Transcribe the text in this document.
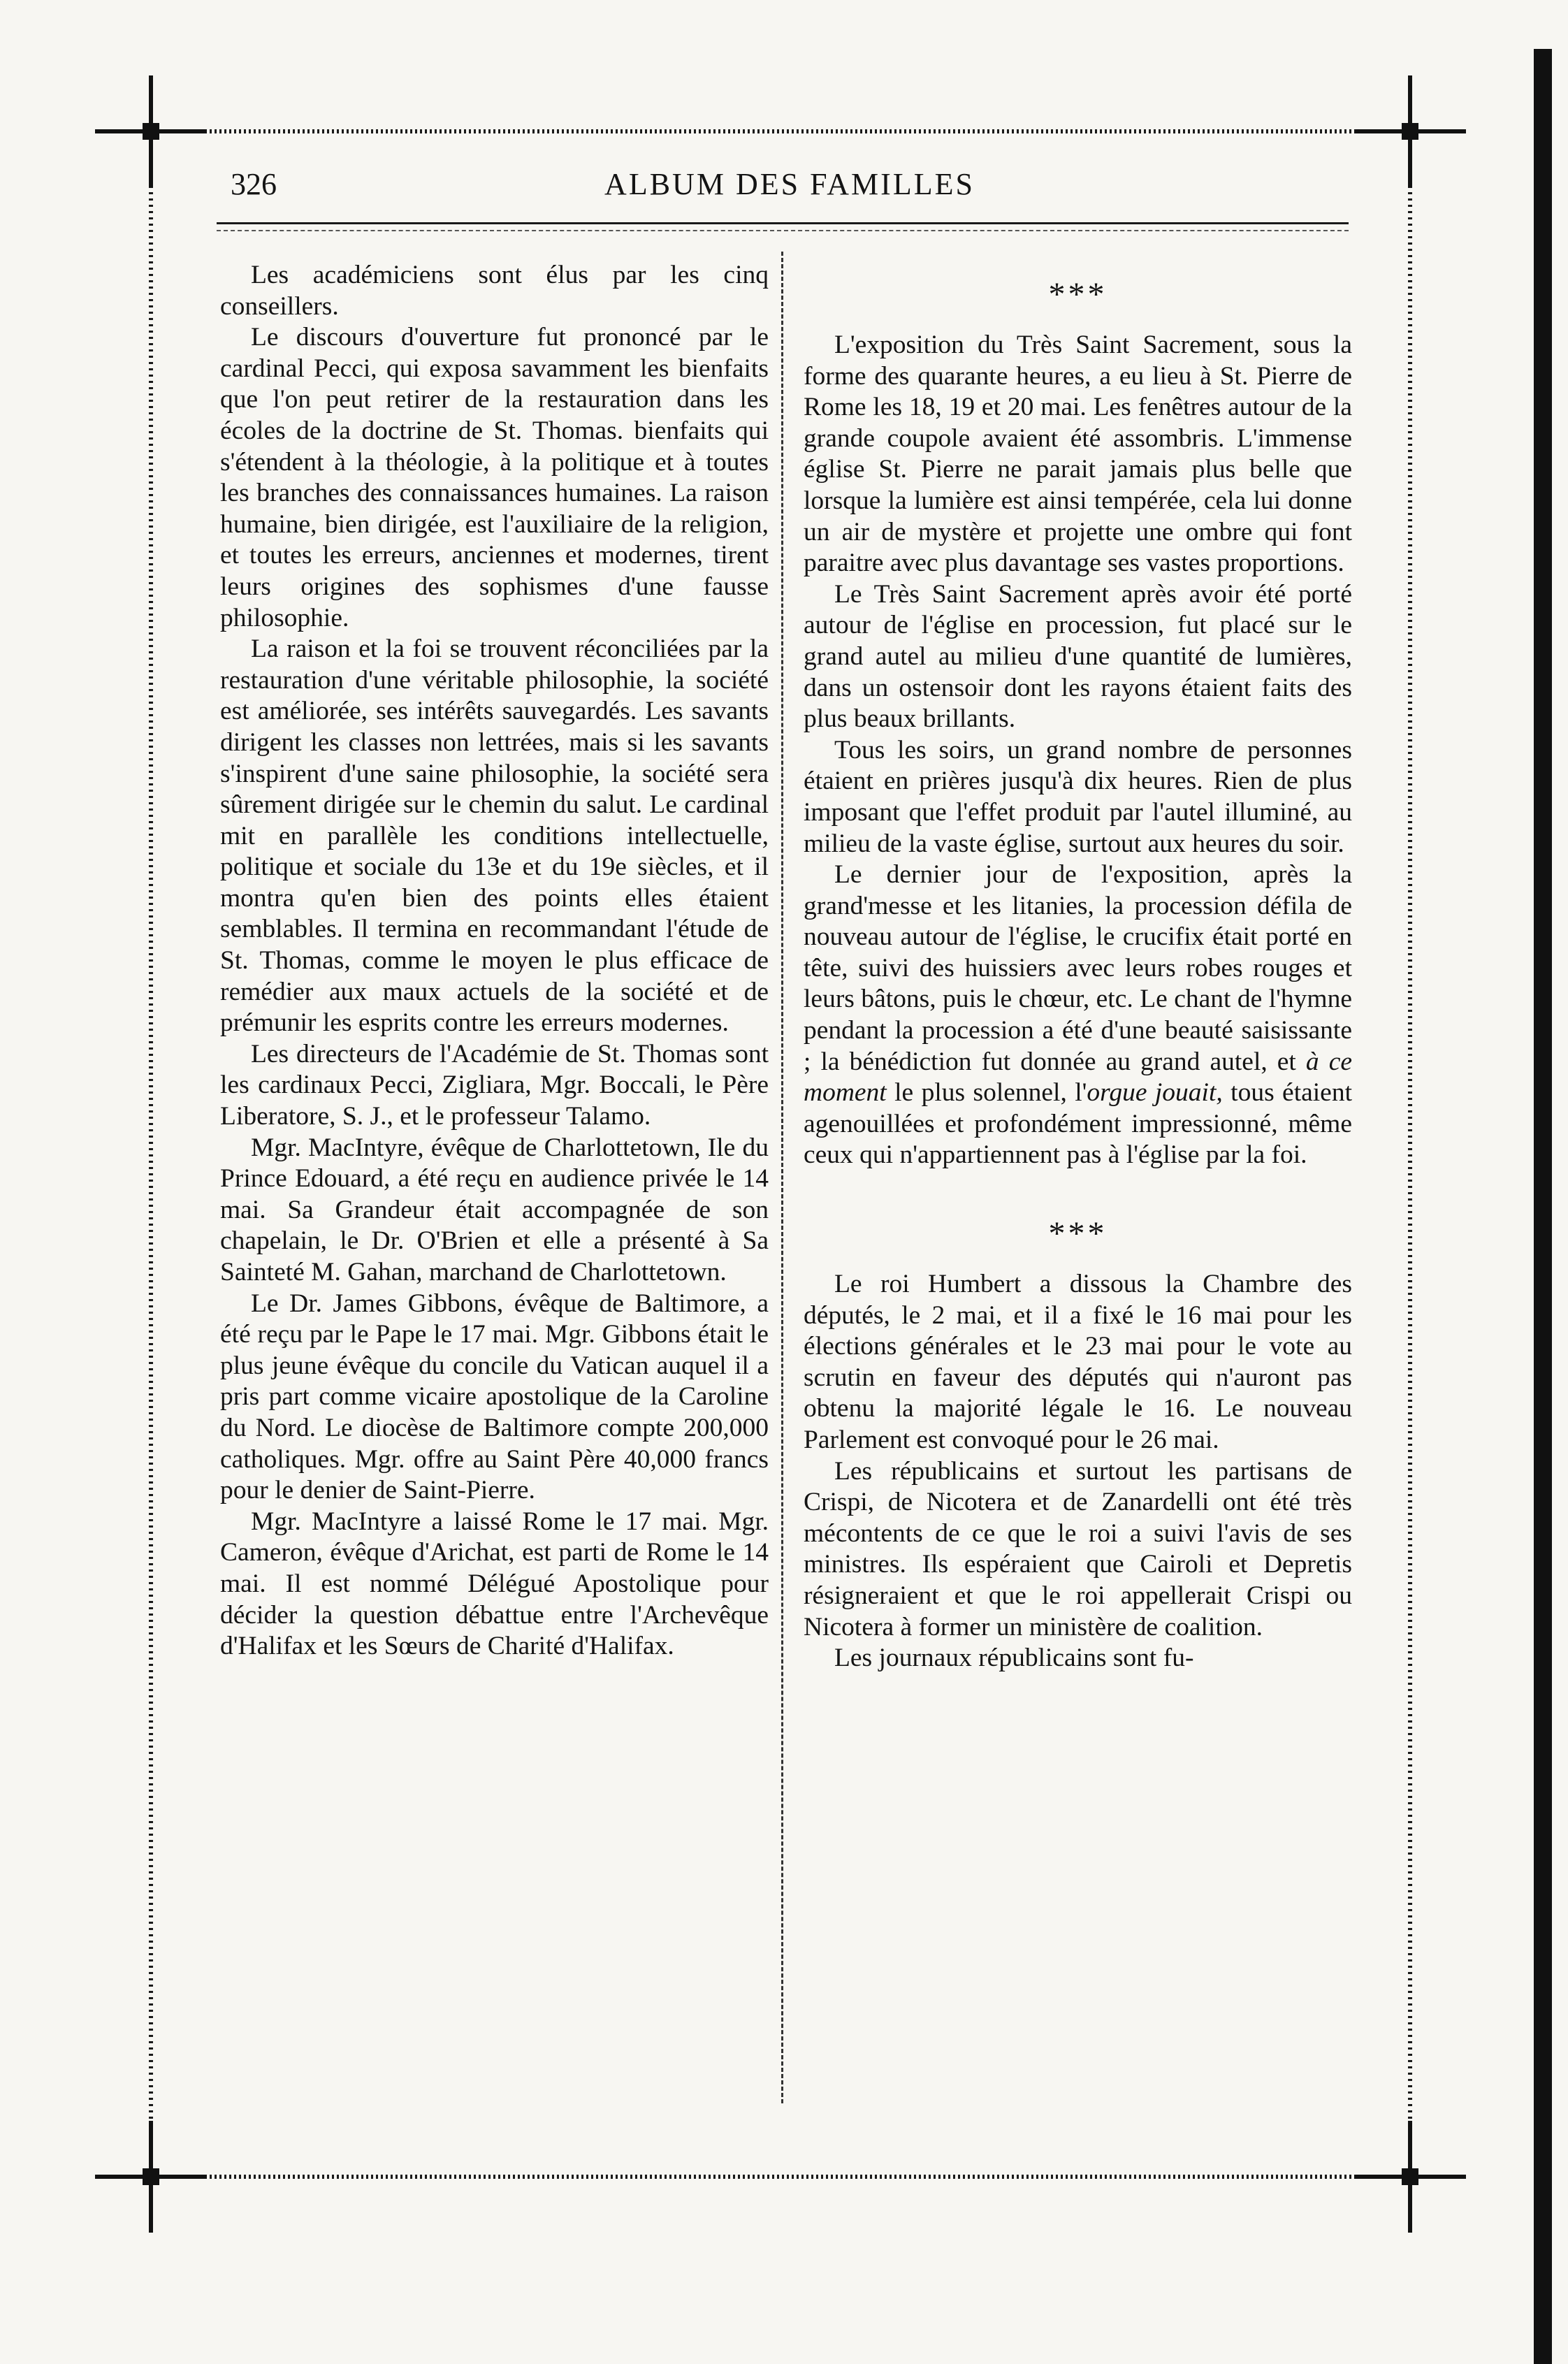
ALBUM DES FAMILLES
326

Les académiciens sont élus par les cinq conseillers.

Le discours d'ouverture fut prononcé par le cardinal Pecci, qui exposa savamment les bienfaits que l'on peut retirer de la restauration dans les écoles de la doctrine de St. Thomas. bienfaits qui s'étendent à la théologie, à la politique et à toutes les branches des connaissances humaines. La raison humaine, bien dirigée, est l'auxiliaire de la religion, et toutes les erreurs, anciennes et modernes, tirent leurs origines des sophismes d'une fausse philosophie.

La raison et la foi se trouvent réconciliées par la restauration d'une véritable philosophie, la société est améliorée, ses intérêts sauvegardés. Les savants dirigent les classes non lettrées, mais si les savants s'inspirent d'une saine philosophie, la société sera sûrement dirigée sur le chemin du salut. Le cardinal mit en parallèle les conditions intellectuelle, politique et sociale du 13e et du 19e siècles, et il montra qu'en bien des points elles étaient semblables. Il termina en recommandant l'étude de St. Thomas, comme le moyen le plus efficace de remédier aux maux actuels de la société et de prémunir les esprits contre les erreurs modernes.

Les directeurs de l'Académie de St. Thomas sont les cardinaux Pecci, Zigliara, Mgr. Boccali, le Père Liberatore, S. J., et le professeur Talamo.

Mgr. MacIntyre, évêque de Charlottetown, Ile du Prince Edouard, a été reçu en audience privée le 14 mai. Sa Grandeur était accompagnée de son chapelain, le Dr. O'Brien et elle a présenté à Sa Sainteté M. Gahan, marchand de Charlottetown.

Le Dr. James Gibbons, évêque de Baltimore, a été reçu par le Pape le 17 mai. Mgr. Gibbons était le plus jeune évêque du concile du Vatican auquel il a pris part comme vicaire apostolique de la Caroline du Nord. Le diocèse de Baltimore compte 200,000 catholiques. Mgr. offre au Saint Père 40,000 francs pour le denier de Saint-Pierre.

Mgr. MacIntyre a laissé Rome le 17 mai. Mgr. Cameron, évêque d'Arichat, est parti de Rome le 14 mai. Il est nommé Délégué Apostolique pour décider la question débattue entre l'Archevêque d'Halifax et les Sœurs de Charité d'Halifax.

***

L'exposition du Très Saint Sacrement, sous la forme des quarante heures, a eu lieu à St. Pierre de Rome les 18, 19 et 20 mai. Les fenêtres autour de la grande coupole avaient été assombris. L'immense église St. Pierre ne parait jamais plus belle que lorsque la lumière est ainsi tempérée, cela lui donne un air de mystère et projette une ombre qui font paraitre avec plus davantage ses vastes proportions.

Le Très Saint Sacrement après avoir été porté autour de l'église en procession, fut placé sur le grand autel au milieu d'une quantité de lumières, dans un ostensoir dont les rayons étaient faits des plus beaux brillants.

Tous les soirs, un grand nombre de personnes étaient en prières jusqu'à dix heures. Rien de plus imposant que l'effet produit par l'autel illuminé, au milieu de la vaste église, surtout aux heures du soir.

Le dernier jour de l'exposition, après la grand'messe et les litanies, la procession défila de nouveau autour de l'église, le crucifix était porté en tête, suivi des huissiers avec leurs robes rouges et leurs bâtons, puis le chœur, etc. Le chant de l'hymne pendant la procession a été d'une beauté saisissante ; la bénédiction fut donnée au grand autel, et à ce moment le plus solennel, l'orgue jouait, tous étaient agenouillées et profondément impressionné, même ceux qui n'appartiennent pas à l'église par la foi.

***

Le roi Humbert a dissous la Chambre des députés, le 2 mai, et il a fixé le 16 mai pour les élections générales et le 23 mai pour le vote au scrutin en faveur des députés qui n'auront pas obtenu la majorité légale le 16. Le nouveau Parlement est convoqué pour le 26 mai.

Les républicains et surtout les partisans de Crispi, de Nicotera et de Zanardelli ont été très mécontents de ce que le roi a suivi l'avis de ses ministres. Ils espéraient que Cairoli et Depretis résigneraient et que le roi appellerait Crispi ou Nicotera à former un ministère de coalition.

Les journaux républicains sont fu-
